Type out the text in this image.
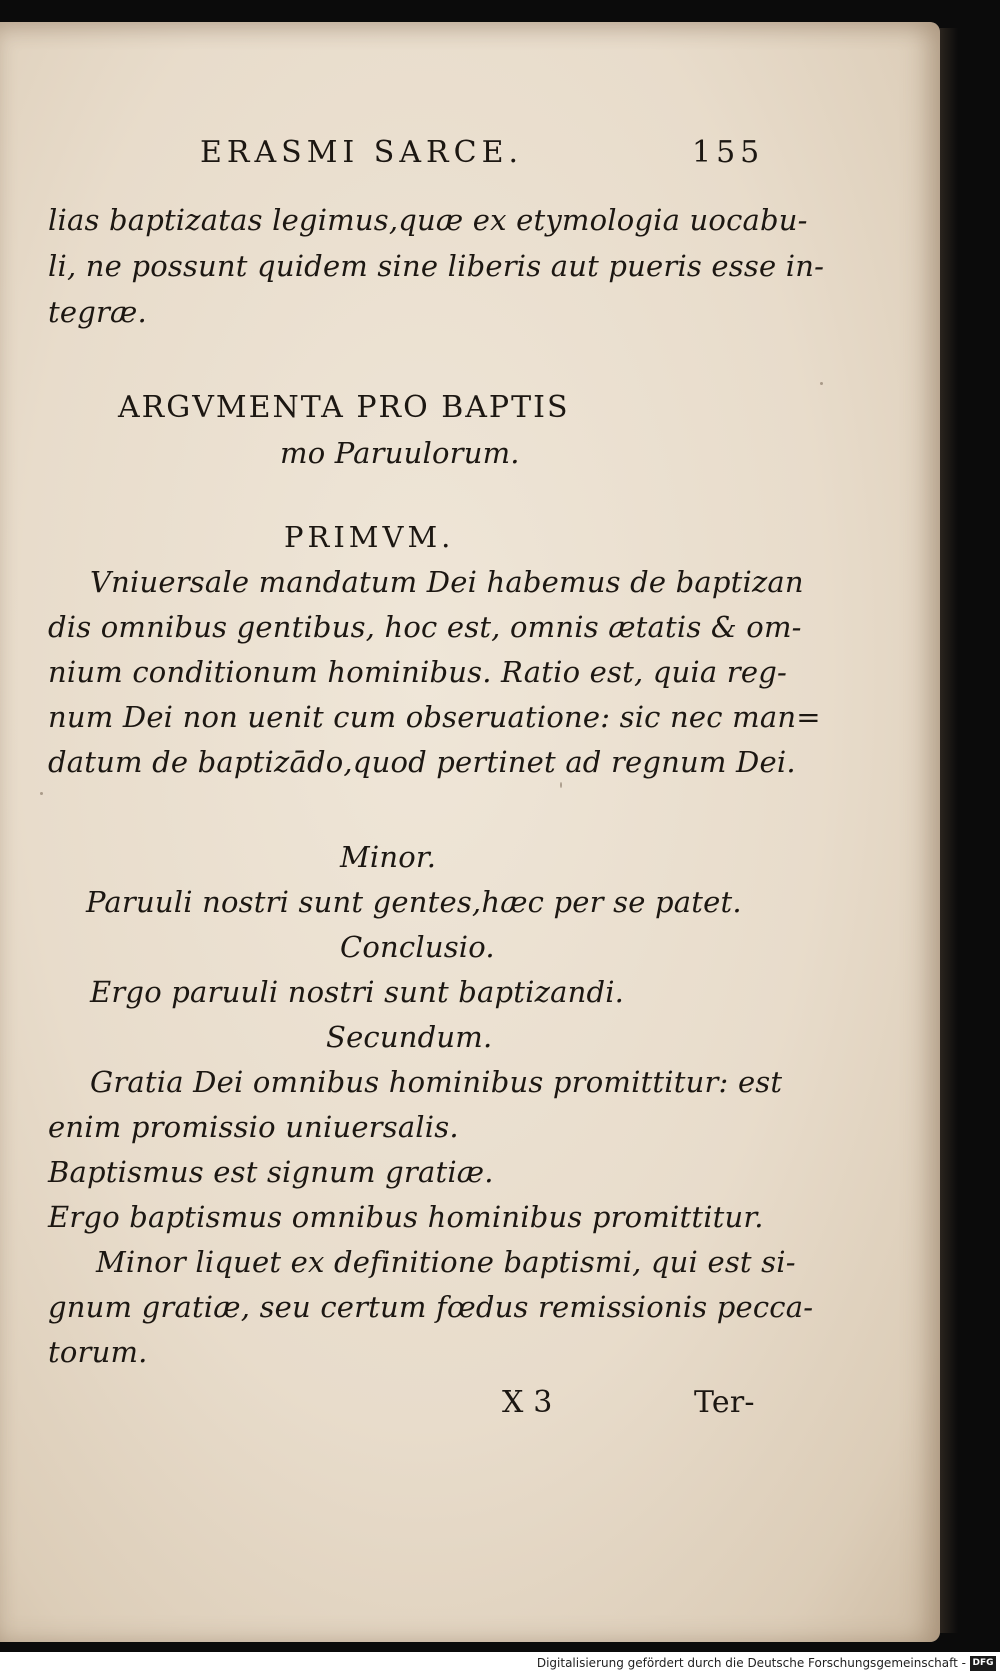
ERASMI SARCE.	155
lias baptizatas legimus,quæ ex etymologia uocabu-
li, ne possunt quidem sine liberis aut pueris esse in-
tegræ.
ARGVMENTA PRO BAPTIS
mo Paruulorum.
PRIMVM.
Vniuersale mandatum Dei habemus de baptizan
dis omnibus gentibus, hoc est, omnis ætatis & om-
nium conditionum hominibus. Ratio est, quia reg-
num Dei non uenit cum obseruatione: sic nec man=
datum de baptizādo,quod pertinet ad regnum Dei.
Minor.
Paruuli nostri sunt gentes,hæc per se patet.
Conclusio.
Ergo paruuli nostri sunt baptizandi.
Secundum.
Gratia Dei omnibus hominibus promittitur: est
enim promissio uniuersalis.
Baptismus est signum gratiæ.
Ergo baptismus omnibus hominibus promittitur.
Minor liquet ex definitione baptismi, qui est si-
gnum gratiæ, seu certum fœdus remissionis pecca-
torum.
X 3	Ter-
Digitalisierung gefördert durch die Deutsche Forschungsgemeinschaft - DFG
